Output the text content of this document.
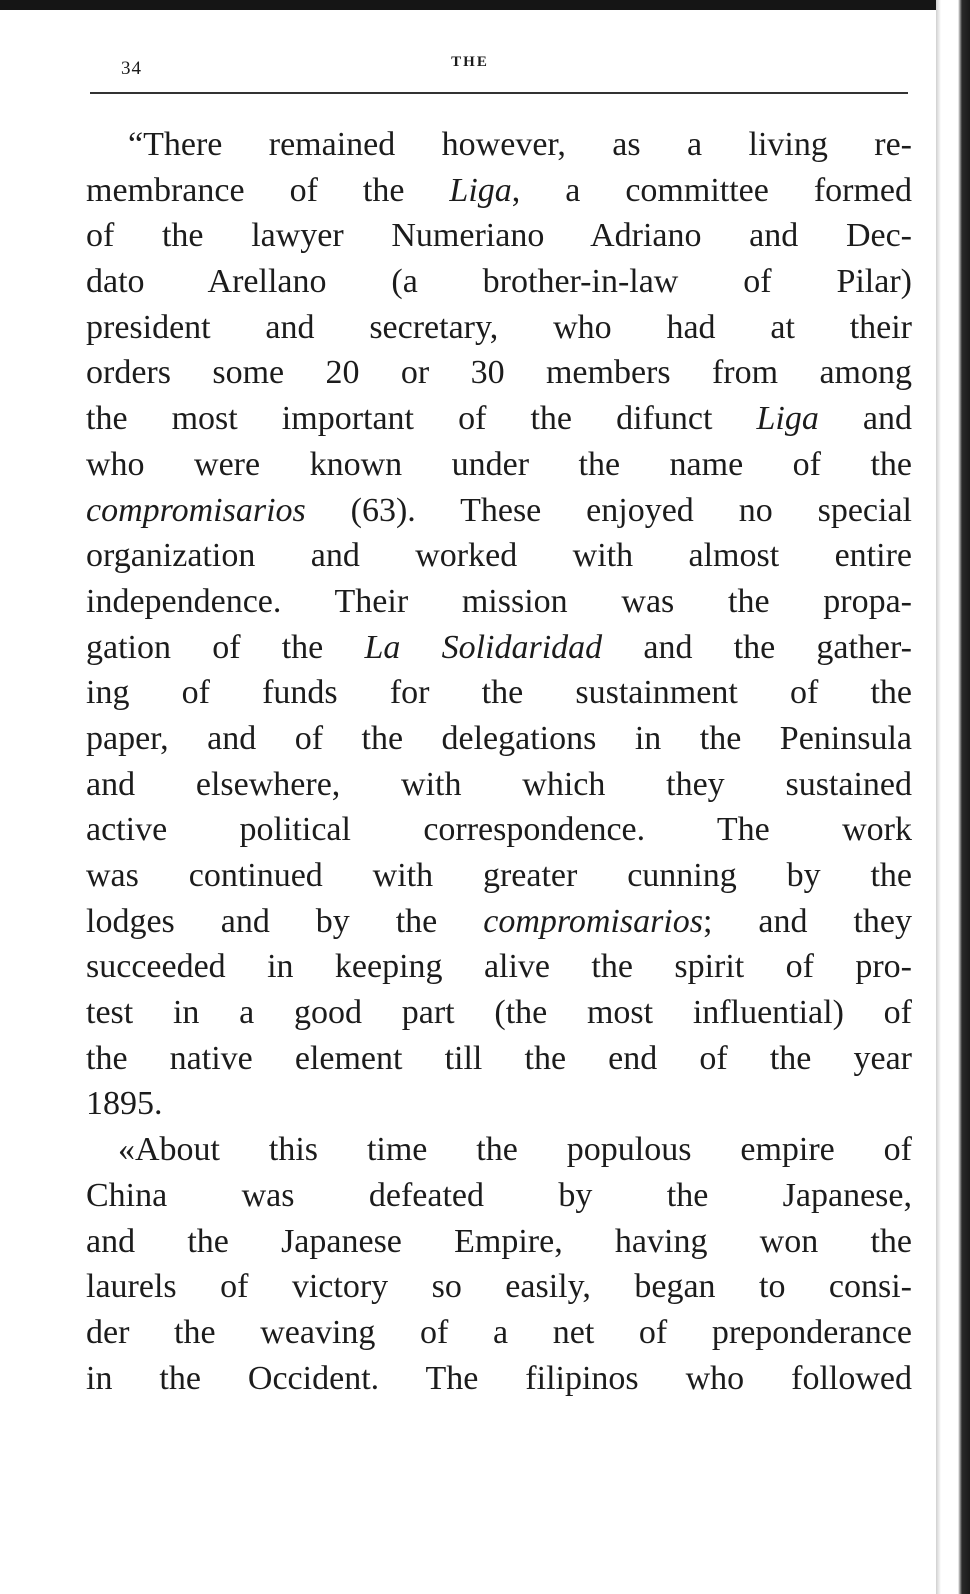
34	THE
“There remained however, as a living re-
membrance of the Liga, a committee formed
of the lawyer Numeriano Adriano and Dec-
dato Arellano (a brother-in-law of Pilar)
president and secretary, who had at their
orders some 20 or 30 members from among
the most important of the difunct Liga and
who were known under the name of the
compromisarios (63). These enjoyed no special
organization and worked with almost entire
independence. Their mission was the propa-
gation of the La Solidaridad and the gather-
ing of funds for the sustainment of the
paper, and of the delegations in the Peninsula
and elsewhere, with which they sustained
active political correspondence. The work
was continued with greater cunning by the
lodges and by the compromisarios; and they
succeeded in keeping alive the spirit of pro-
test in a good part (the most influential) of
the native element till the end of the year
1895.
«About this time the populous empire of
China was defeated by the Japanese,
and the Japanese Empire, having won the
laurels of victory so easily, began to consi-
der the weaving of a net of preponderance
in the Occident. The filipinos who followed
